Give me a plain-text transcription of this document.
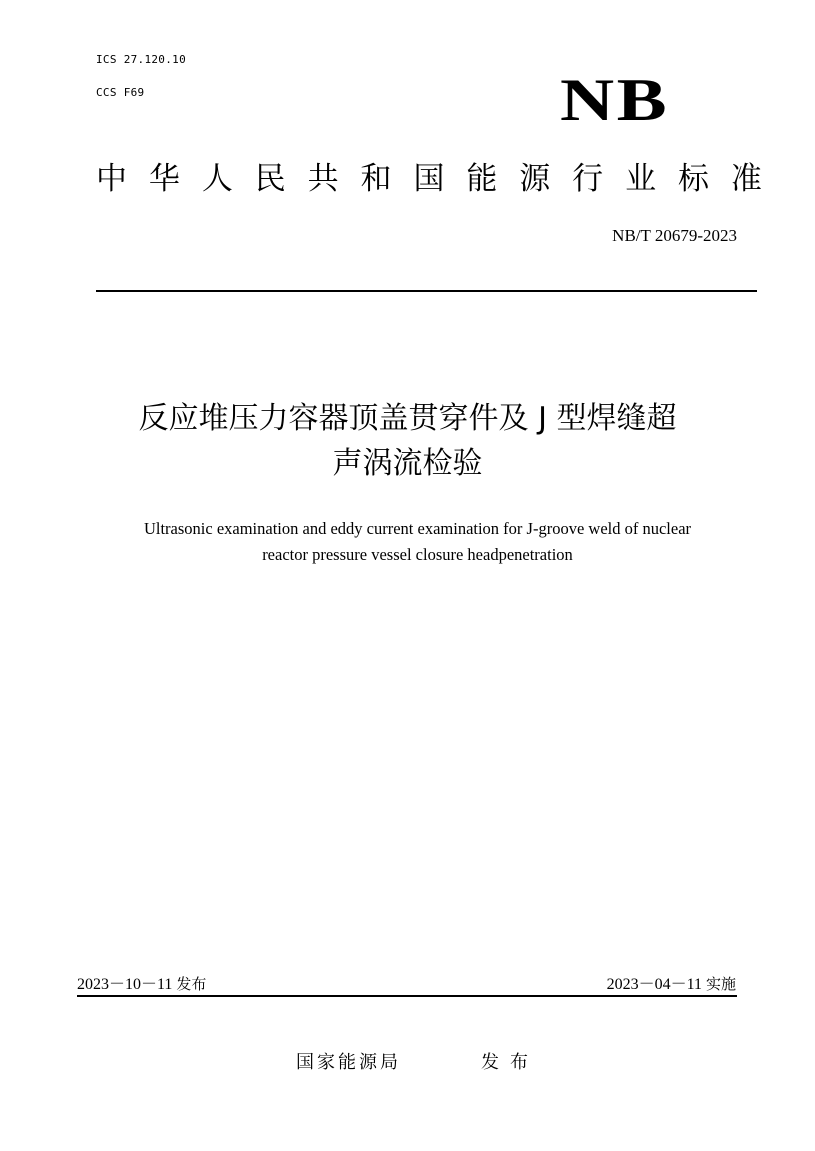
ICS 27.120.10
CCS F69	NB
中 华 人 民 共 和 国 能 源 行 业 标 准
NB/T 20679-2023
反应堆压力容器顶盖贯穿件及 J 型焊缝超
声涡流检验
Ultrasonic examination and eddy current examination for J-groove weld of nuclear
reactor pressure vessel closure headpenetration
2023－10－11 发布	2023－04－11 实施
国家能源局	发布
